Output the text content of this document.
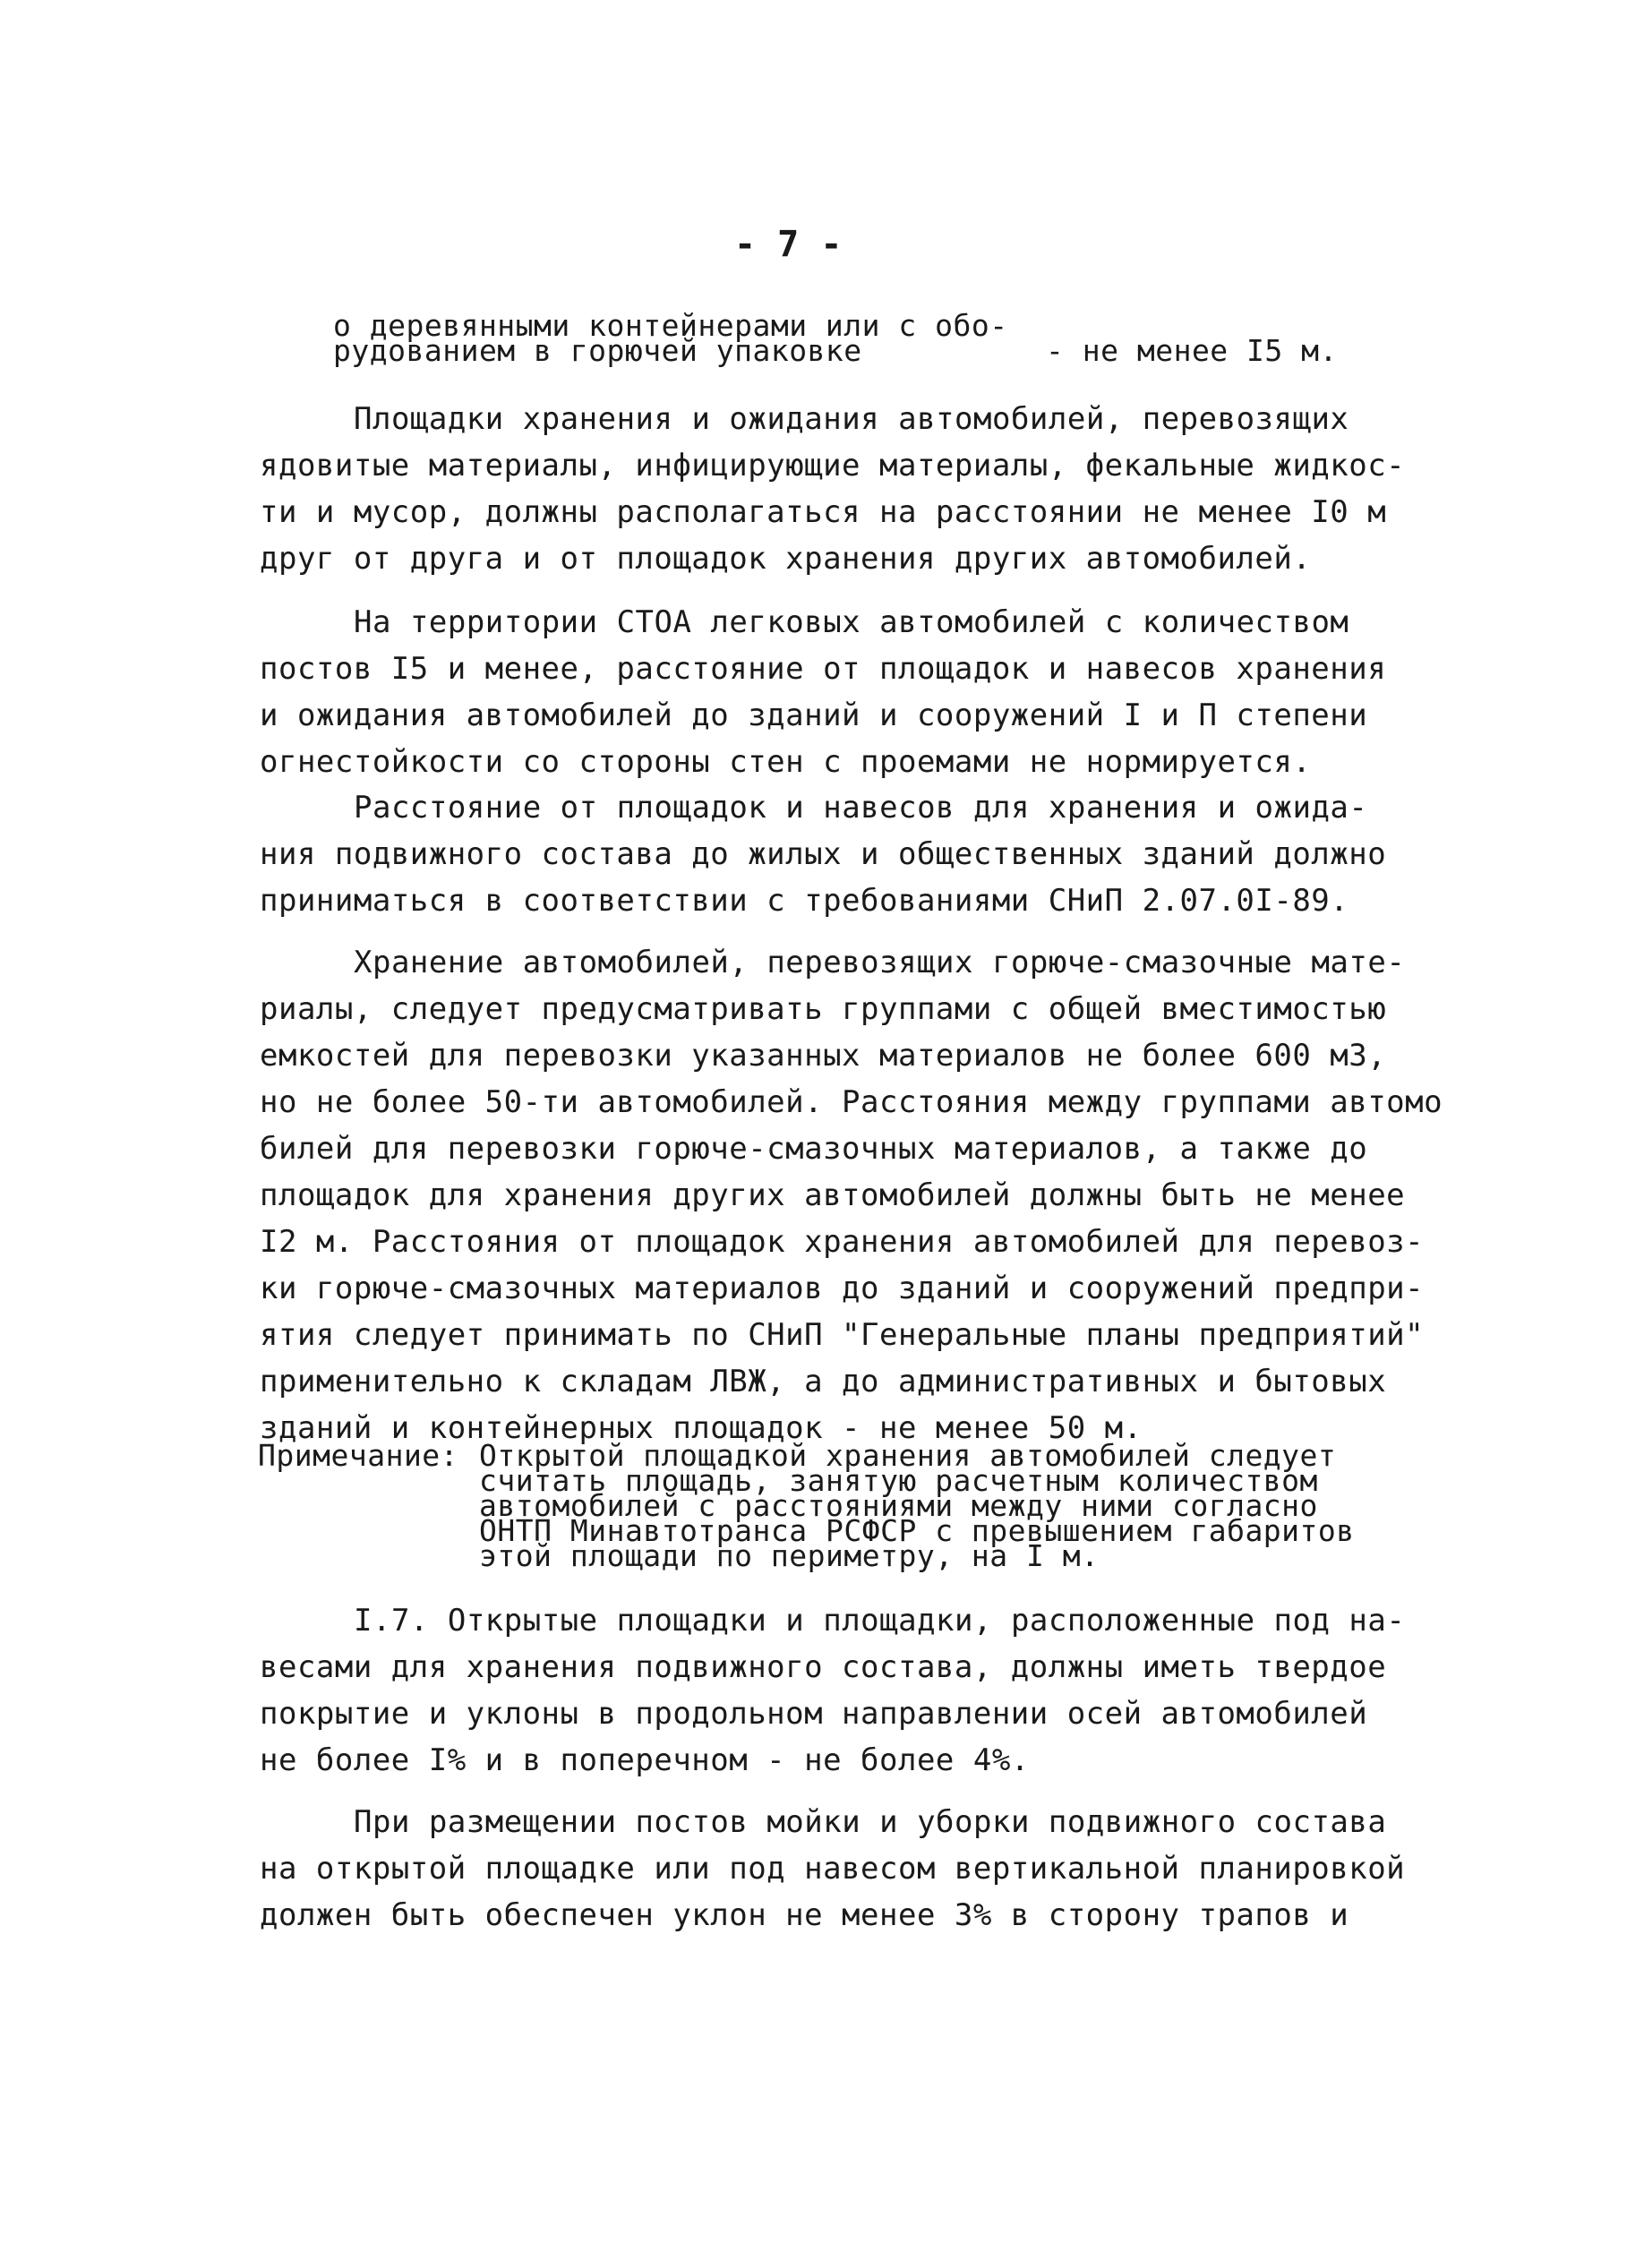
- 7 -
о деревянными контейнерами или с обо-
рудованием в горючей упаковке	- не менее I5 м.
Площадки хранения и ожидания автомобилей, перевозящих
ядовитые материалы, инфицирующие материалы, фекальные жидкос-
ти и мусор, должны располагаться на расстоянии не менее I0 м
друг от друга и от площадок хранения других автомобилей.
На территории СТОА легковых автомобилей с количеством
постов I5 и менее, расстояние от площадок и навесов хранения
и ожидания автомобилей до зданий и сооружений I и П степени
огнестойкости со стороны стен с проемами не нормируется.
Расстояние от площадок и навесов для хранения и ожида-
ния подвижного состава до жилых и общественных зданий должно
приниматься в соответствии с требованиями СНиП 2.07.0I-89.
Хранение автомобилей, перевозящих горюче-смазочные мате-
риалы, следует предусматривать группами с общей вместимостью
емкостей для перевозки указанных материалов не более 600 м3,
но не более 50-ти автомобилей. Расстояния между группами автомо
билей для перевозки горюче-смазочных материалов, а также до
площадок для хранения других автомобилей должны быть не менее
I2 м. Расстояния от площадок хранения автомобилей для перевоз-
ки горюче-смазочных материалов до зданий и сооружений предпри-
ятия следует принимать по СНиП "Генеральные планы предприятий"
применительно к складам ЛВЖ, а до административных и бытовых
зданий и контейнерных площадок - не менее 50 м.
Примечание: Открытой площадкой хранения автомобилей следует
считать площадь, занятую расчетным количеством
автомобилей с расстояниями между ними согласно
ОНТП Минавтотранса РСФСР с превышением габаритов
этой площади по периметру, на I м.
I.7. Открытые площадки и площадки, расположенные под на-
весами для хранения подвижного состава, должны иметь твердое
покрытие и уклоны в продольном направлении осей автомобилей
не более I% и в поперечном - не более 4%.
При размещении постов мойки и уборки подвижного состава
на открытой площадке или под навесом вертикальной планировкой
должен быть обеспечен уклон не менее 3% в сторону трапов и
